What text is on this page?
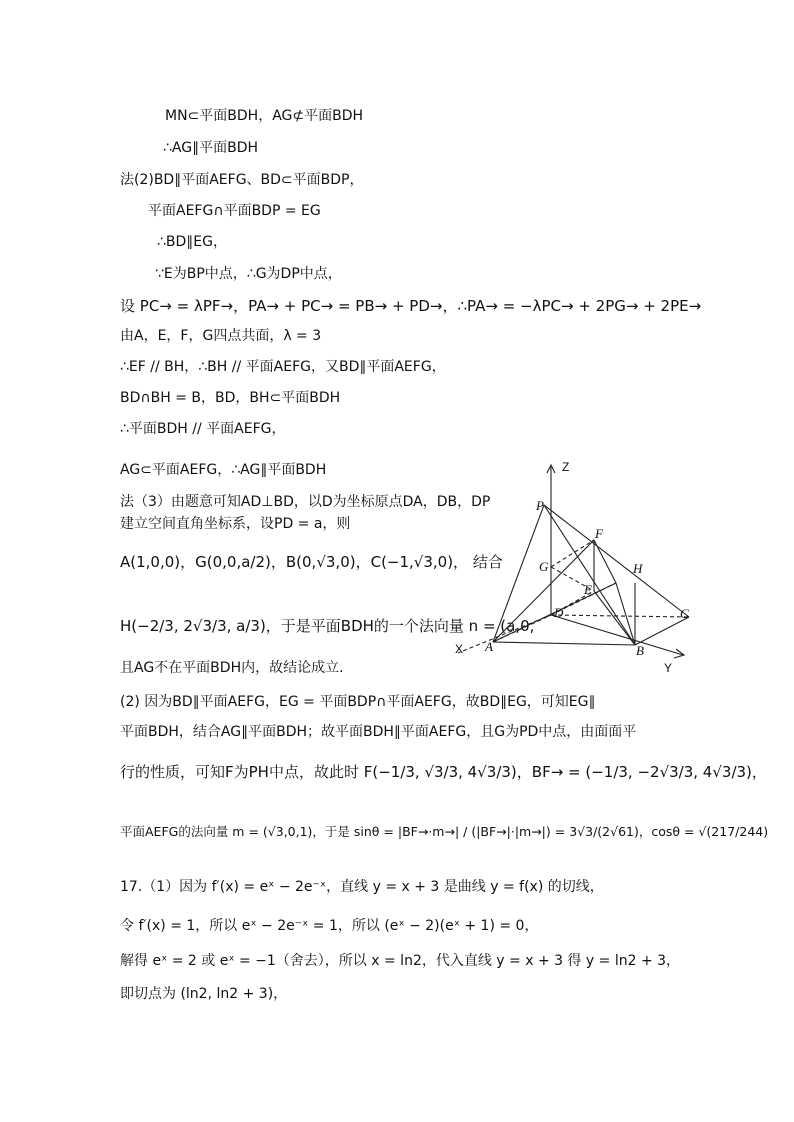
MN⊂平面BDH，AG⊄平面BDH
∴AG∥平面BDH
法(2)BD∥平面AEFG、BD⊂平面BDP，
平面AEFG∩平面BDP = EG
∴BD∥EG，
∵E为BP中点，∴G为DP中点，
设 PC→ = λPF→，PA→ + PC→ = PB→ + PD→，∴PA→ = −λPC→ + 2PG→ + 2PE→
由A，E，F，G四点共面，λ = 3
∴EF // BH，∴BH // 平面AEFG，又BD∥平面AEFG，
BD∩BH = B，BD，BH⊂平面BDH
∴平面BDH // 平面AEFG，
AG⊂平面AEFG，∴AG∥平面BDH
法（3）由题意可知AD⊥BD，以D为坐标原点DA，DB，DP
建立空间直角坐标系，设PD = a，则
A(1,0,0)，G(0,0,a/2)，B(0,√3,0)，C(−1,√3,0)， 结合
H(−2/3, 2√3/3, a/3)，于是平面BDH的一个法向量 n = (a,0,
且AG不在平面BDH内，故结论成立.
(2) 因为BD∥平面AEFG，EG = 平面BDP∩平面AEFG，故BD∥EG，可知EG∥
平面BDH，结合AG∥平面BDH；故平面BDH∥平面AEFG，且G为PD中点，由面面平
行的性质，可知F为PH中点，故此时 F(−1/3, √3/3, 4√3/3)，BF→ = (−1/3, −2√3/3, 4√3/3)，
平面AEFG的法向量 m = (√3,0,1)，于是 sinθ = |BF→·m→| / (|BF→|·|m→|) = 3√3/(2√61)，cosθ = √(217/244)
17.（1）因为 f′(x) = eˣ − 2e⁻ˣ，直线 y = x + 3 是曲线 y = f(x) 的切线，
令 f′(x) = 1，所以 eˣ − 2e⁻ˣ = 1，所以 (eˣ − 2)(eˣ + 1) = 0，
解得 eˣ = 2 或 eˣ = −1（舍去），所以 x = ln2，代入直线 y = x + 3 得 y = ln2 + 3，
即切点为 (ln2, ln2 + 3)，
Z
X
Y
P
F
G	H
E
D	C
A	B
